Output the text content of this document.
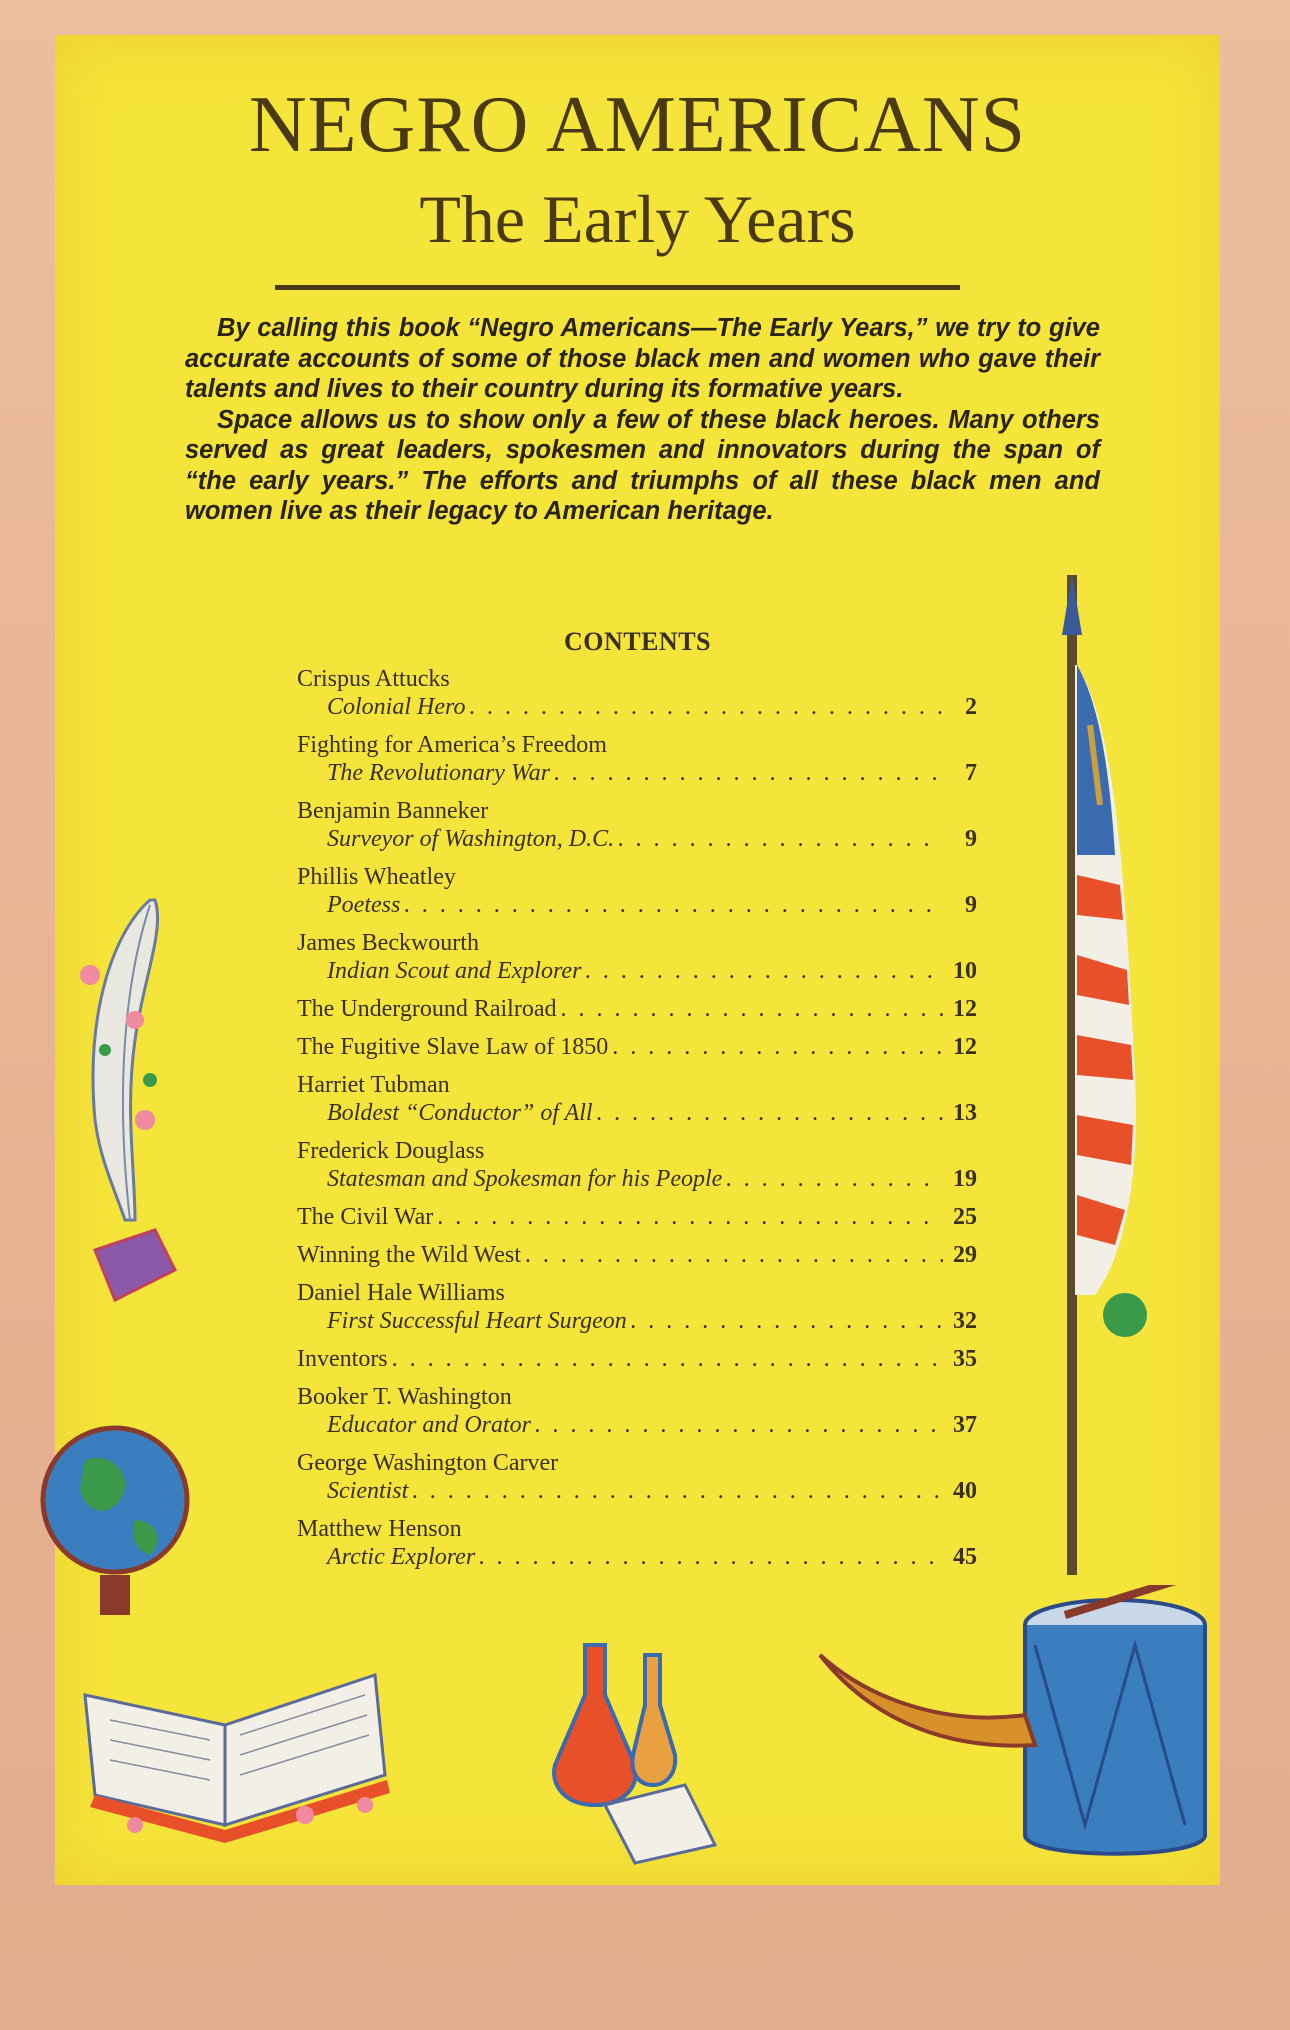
NEGRO AMERICANS
The Early Years

By calling this book “Negro Americans—The Early Years,” we try to give accurate accounts of some of those black men and women who gave their talents and lives to their country during its formative years.

Space allows us to show only a few of these black heroes. Many others served as great leaders, spokesmen and innovators during the span of “the early years.” The efforts and triumphs of all these black men and women live as their legacy to American heritage.

CONTENTS
Crispus Attucks
Colonial Hero . . .	2
Fighting for America’s Freedom
The Revolutionary War . . .	7
Benjamin Banneker
Surveyor of Washington, D.C. . . .	9
Phillis Wheatley
Poetess . . .	9
James Beckwourth
Indian Scout and Explorer . . .	10
The Underground Railroad . . .	12
The Fugitive Slave Law of 1850 . . .	12
Harriet Tubman
Boldest “Conductor” of All . . .	13
Frederick Douglass
Statesman and Spokesman for his People . . .	19
The Civil War . . .	25
Winning the Wild West . . .	29
Daniel Hale Williams
First Successful Heart Surgeon . . .	32
Inventors . . .	35
Booker T. Washington
Educator and Orator . . .	37
George Washington Carver
Scientist . . .	40
Matthew Henson
Arctic Explorer . . .	45
